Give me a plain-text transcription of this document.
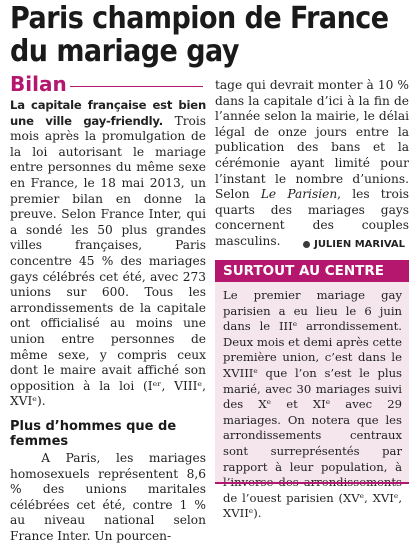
Paris champion de France
du mariage gay
Bilan

La capitale française est bien une ville gay-friendly. Trois mois après la promulgation de la loi autorisant le mariage entre personnes du même sexe en France, le 18 mai 2013, un premier bilan en donne la preuve. Selon France Inter, qui a sondé les 50 plus grandes villes françaises, Paris concentre 45 % des mariages gays célébrés cet été, avec 273 unions sur 600. Tous les arrondissements de la capitale ont officialisé au moins une union entre personnes de même sexe, y compris ceux dont le maire avait affiché son opposition à la loi (Iᵉʳ, VIIIᵉ, XVIᵉ).

Plus d’hommes que de femmes

A Paris, les mariages homosexuels représentent 8,6 % des unions maritales célébrées cet été, contre 1 % au niveau national selon France Inter. Un pourcen-

tage qui devrait monter à 10 % dans la capitale d’ici à la fin de l’année selon la mairie, le délai légal de onze jours entre la publication des bans et la cérémonie ayant limité pour l’instant le nombre d’unions. Selon Le Parisien, les trois quarts des mariages gays concernent des couples masculins.	JULIEN MARIVAL
SURTOUT AU CENTRE

Le premier mariage gay parisien a eu lieu le 6 juin dans le IIIᵉ arrondissement. Deux mois et demi après cette première union, c’est dans le XVIIIᵉ que l’on s’est le plus marié, avec 30 mariages suivi des Xᵉ et XIᵉ avec 29 mariages. On notera que les arrondissements centraux sont surreprésentés par rapport à leur population, à de l’ouest parisien (XVᵉ, XVIᵉ, XVIIᵉ).
